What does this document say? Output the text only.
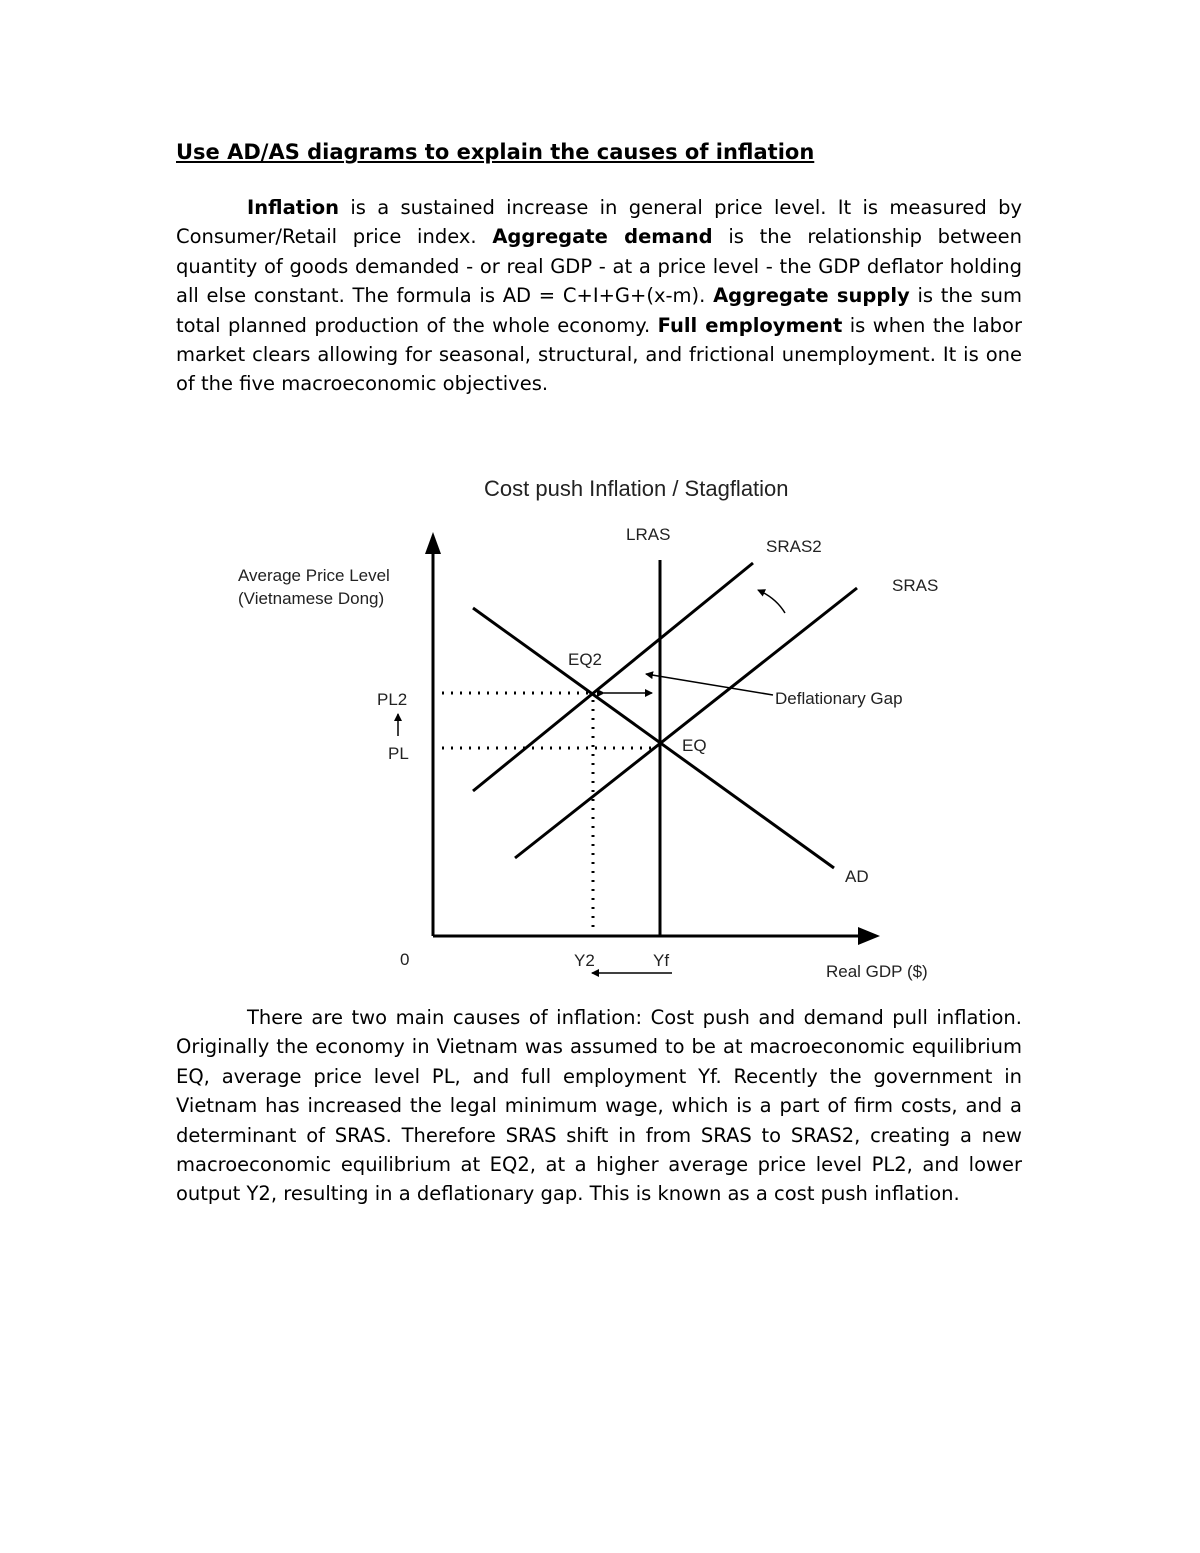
Use AD/AS diagrams to explain the causes of inflation

Inflation is a sustained increase in general price level. It is measured by Consumer/Retail price index. Aggregate demand is the relationship between quantity of goods demanded - or real GDP - at a price level - the GDP deflator holding all else constant. The formula is AD = C+I+G+(x-m). Aggregate supply is the sum total planned production of the whole economy. Full employment is when the labor market clears allowing for seasonal, structural, and frictional unemployment. It is one of the five macroeconomic objectives.

Cost push Inflation / Stagflation
Average Price Level
(Vietnamese Dong)
Real GDP ($)
0
LRAS
SRAS2
SRAS
AD
Deflationary Gap
EQ2
EQ
PL2
PL
Y2	Yf

There are two main causes of inflation: Cost push and demand pull inflation. Originally the economy in Vietnam was assumed to be at macroeconomic equilibrium EQ, average price level PL, and full employment Yf. Recently the government in Vietnam has increased the legal minimum wage, which is a part of firm costs, and a determinant of SRAS. Therefore SRAS shift in from SRAS to SRAS2, creating a new macroeconomic equilibrium at EQ2, at a higher average price level PL2, and lower output Y2, resulting in a deflationary gap. This is known as a cost push inflation.
